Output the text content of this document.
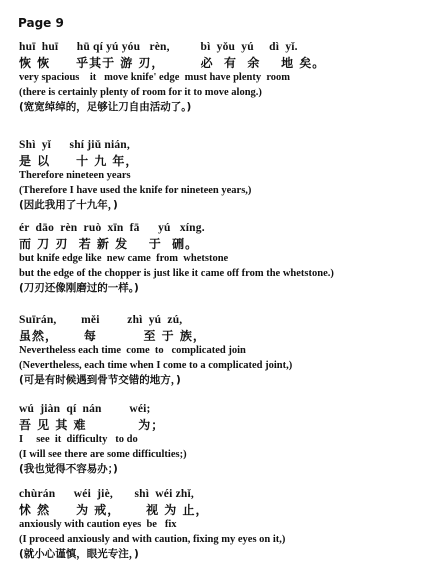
Page 9
huī  huī      hū qí yú yóu   rèn,          bì  yǒu  yú     dì  yǐ.
恢 恢     乎其于 游 刃，       必  有  余    地 矣。
very spacious    it   move knife' edge  must have plenty  room
(there is certainly plenty of room for it to move along.)
(宽宽绰绰的，足够让刀自由活动了。)
Shì  yǐ      shí jiǔ nián,
是 以     十 九 年，
Therefore nineteen years
(Therefore I have used the knife for nineteen years,)
(因此我用了十九年，)
ér  dāo  rèn  ruò  xīn  fā      yú   xíng.
而 刀 刃  若 新 发    于  硎。
but knife edge like  new came  from  whetstone
but the edge of the chopper is just like it came off from the whetstone.)
(刀刃还像刚磨过的一样。)
Suīrán,        měi         zhì  yú  zú,
虽然，     每         至 于 族，
Nevertheless each time  come  to   complicated join
(Nevertheless, each time when I come to a complicated joint,)
(可是有时候遇到骨节交错的地方，)
wú  jiàn  qí  nán         wéi;
吾 见 其 难          为；
I     see  it  difficulty   to do
(I will see there are some difficulties;)
(我也觉得不容易办；)
chùrán      wéi  jiè,       shì  wéi zhǐ,
怵 然     为 戒，     视 为 止，
anxiously with caution eyes  be   fix
(I proceed anxiously and with caution, fixing my eyes on it,)
(就小心谨慎，眼光专注，)
